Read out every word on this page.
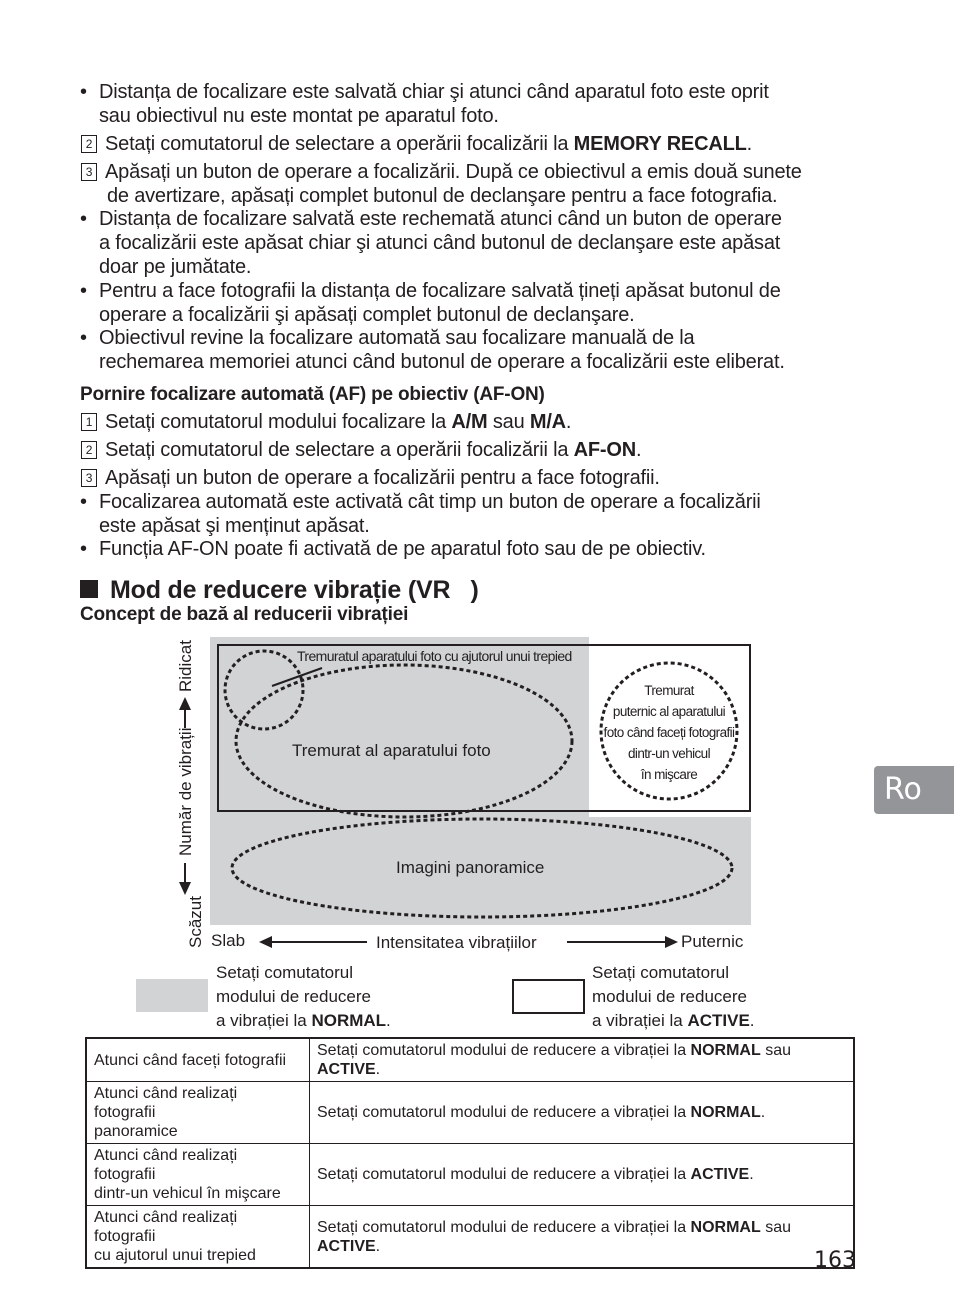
• Distanța de focalizare este salvată chiar şi atunci când aparatul foto este oprit
sau obiectivul nu este montat pe aparatul foto.
2 Setați comutatorul de selectare a operării focalizării la MEMORY RECALL.
3 Apăsați un buton de operare a focalizării. După ce obiectivul a emis două sunete
de avertizare, apăsați complet butonul de declanşare pentru a face fotografia.
• Distanța de focalizare salvată este rechemată atunci când un buton de operare
a focalizării este apăsat chiar şi atunci când butonul de declanşare este apăsat
doar pe jumătate.
• Pentru a face fotografii la distanța de focalizare salvată țineți apăsat butonul de
operare a focalizării şi apăsați complet butonul de declanşare.
• Obiectivul revine la focalizare automată sau focalizare manuală de la
rechemarea memoriei atunci când butonul de operare a focalizării este eliberat.
Pornire focalizare automată (AF) pe obiectiv (AF-ON)
1 Setați comutatorul modului focalizare la A/M sau M/A.
2 Setați comutatorul de selectare a operării focalizării la AF-ON.
3 Apăsați un buton de operare a focalizării pentru a face fotografii.
• Focalizarea automată este activată cât timp un buton de operare a focalizării
este apăsat şi menținut apăsat.
• Funcția AF-ON poate fi activată de pe aparatul foto sau de pe obiectiv.
Mod de reducere vibrație (VR   )
Concept de bază al reducerii vibrației
Tremuratul aparatului foto cu ajutorul unui trepied
Tremurat al aparatului foto
Tremurat
puternic al aparatului
foto când faceți fotografii
dintr-un vehicul
în mişcare
Imagini panoramice
Slab	Intensitatea vibrațiilor	Puternic
Scăzut
Număr de vibrații
Ridicat
Setați comutatorul
modului de reducere
a vibrației la NORMAL.
Setați comutatorul
modului de reducere
a vibrației la ACTIVE.
Atunci când faceți fotografii	Setați comutatorul modului de reducere a vibrației la NORMAL sau ACTIVE.

Atunci când realizați fotografii
panoramice	Setați comutatorul modului de reducere a vibrației la NORMAL.

Atunci când realizați fotografii
dintr-un vehicul în mişcare	Setați comutatorul modului de reducere a vibrației la ACTIVE.

Atunci când realizați fotografii
cu ajutorul unui trepied	Setați comutatorul modului de reducere a vibrației la NORMAL sau ACTIVE.
Ro
163
